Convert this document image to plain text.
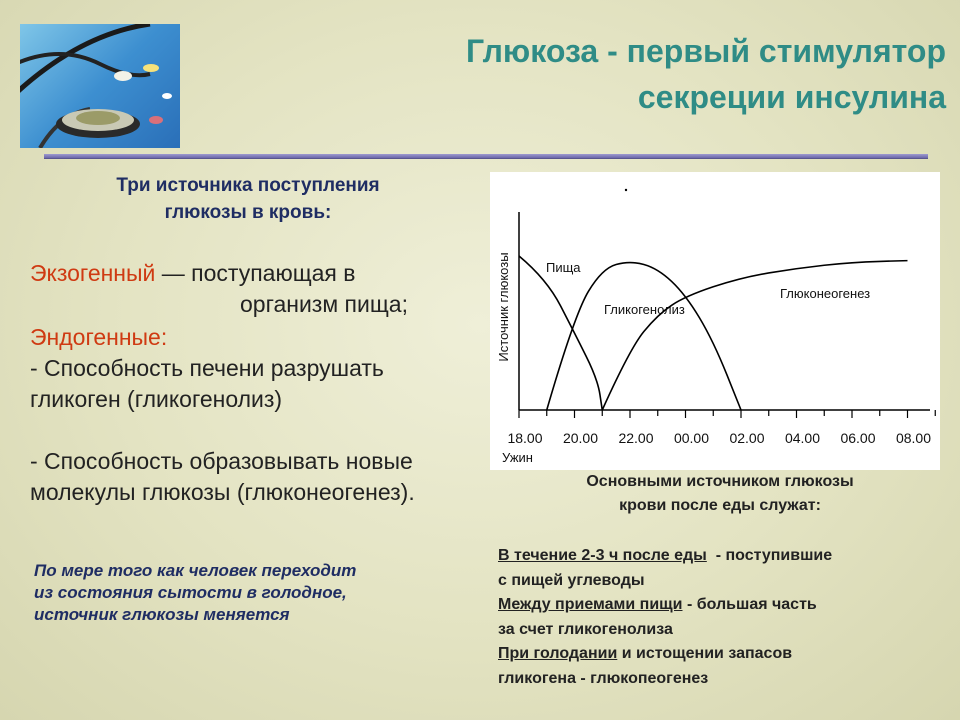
Глюкоза - первый стимулятор
секреции инсулина
Три источника поступления
глюкозы в кровь:
Экзогенный — поступающая в
организм пища;
Эндогенные:
- Способность печени разрушать
гликоген (гликогенолиз)
- Способность образовывать новые
молекулы глюкозы (глюконеогенез).
По мере того как человек переходит
из состояния сытости в голодное,
источник глюкозы меняется
Источник глюкозы
Ужин
18.00 20.00 22.00 00.00 02.00 04.00 06.00 08.00
Пища
Гликогенолиз
Глюконеогенез
Основными источником глюкозы
крови после еды служат:
В течение 2-3 ч после еды  - поступившие
с пищей углеводы
Между приемами пищи - большая часть
за счет гликогенолиза
При голодании и истощении запасов
гликогена - глюкопеогенез
